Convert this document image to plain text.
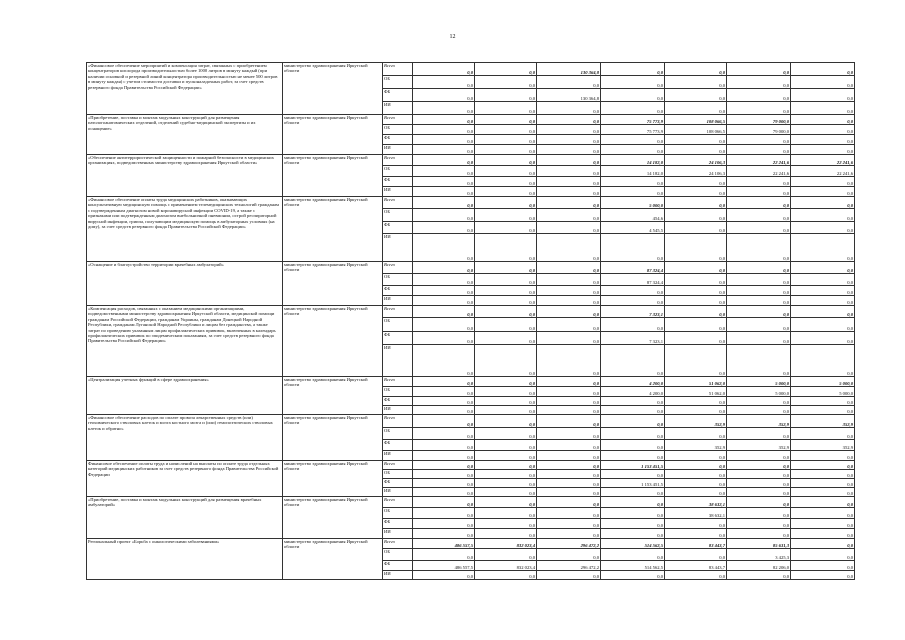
12
«Финансовое обеспечение мероприятий и компенсация затрат, связанных с приобретением концентраторов кислорода производительностью более 1000 литров в минуту каждый (при наличии основной и резервной линий концентратора производительностью не менее 500 литров в минуту каждая) с учетом стоимости доставки и пусконаладочных работ, за счет средств резервного фонда Правительства Российской Федерации»	министерство здравоохранения Иркутской области	Всего	0,0	0,0	130 364,8	0,0	0,0	0,0	0,0
		ОБ	0,0	0,0	0,0	0,0	0,0	0,0	0,0
		ФБ	0,0	0,0	130 364,8	0,0	0,0	0,0	0,0
		ИИ	0,0	0,0	0,0	0,0	0,0	0,0	0,0
«Приобретение, поставка и монтаж модульных конструкций для размещения патологоанатомических отделений, отделений судебно-медицинской экспертизы и их оснащение»	министерство здравоохранения Иркутской области	Всего	0,0	0,0	0,0	75 773,9	108 066,5	79 000,0	0,0
		ОБ	0,0	0,0	0,0	75 773,9	108 066,5	79 000,0	0,0
		ФБ	0,0	0,0	0,0	0,0	0,0	0,0	0,0
		ИИ	0,0	0,0	0,0	0,0	0,0	0,0	0,0
«Обеспечение антитеррористической защищенности и пожарной безопасности в медицинских организациях, подведомственных министерству здравоохранения Иркутской области»	министерство здравоохранения Иркутской области	Всего	0,0	0,0	0,0	14 182,0	24 106,3	22 241,6	22 241,6
		ОБ	0,0	0,0	0,0	14 182,0	24 106,3	22 241,6	22 241,6
		ФБ	0,0	0,0	0,0	0,0	0,0	0,0	0,0
		ИИ	0,0	0,0	0,0	0,0	0,0	0,0	0,0
«Финансовое обеспечение оплаты труда медицинских работников, оказывающих консультативную медицинскую помощь с применением телемедицинских технологий гражданам с подтвержденным диагнозом новой коронавирусной инфекции COVID-19, а также с признаками или подтвержденным диагнозом внебольничной пневмонии, острой респираторной вирусной инфекции, гриппа, получающим медицинскую помощь в амбулаторных условиях (на дому), за счет средств резервного фонда Правительства Российской Федерации»	министерство здравоохранения Иркутской области	Всего	0,0	0,0	0,0	5 000,0	0,0	0,0	0,0
		ОБ	0,0	0,0	0,0	454,6	0,0	0,0	0,0
		ФБ	0,0	0,0	0,0	4 545,5	0,0	0,0	0,0
		ИИ	0,0	0,0	0,0	0,0	0,0	0,0	0,0
«Оснащение и благоустройство территории врачебных амбулаторий»	министерство здравоохранения Иркутской области	Всего	0,0	0,0	0,0	87 324,4	0,0	0,0	0,0
		ОБ	0,0	0,0	0,0	87 324,4	0,0	0,0	0,0
		ФБ	0,0	0,0	0,0	0,0	0,0	0,0	0,0
		ИИ	0,0	0,0	0,0	0,0	0,0	0,0	0,0
«Компенсация расходов, связанных с оказанием медицинскими организациями, подведомственными министерству здравоохранения Иркутской области, медицинской помощи гражданам Российской Федерации, гражданам Украины, гражданам Донецкой Народной Республики, гражданам Луганской Народной Республики и лицам без гражданства, а также затрат по проведению указанным лицам профилактических прививок, включенных в календарь профилактических прививок по эпидемическим показаниям, за счет средств резервного фонда Правительства Российской Федерации»	министерство здравоохранения Иркутской области	Всего	0,0	0,0	0,0	7 323,1	0,0	0,0	0,0
		ОБ	0,0	0,0	0,0	0,0	0,0	0,0	0,0
		ФБ	0,0	0,0	0,0	7 323,1	0,0	0,0	0,0
		ИИ	0,0	0,0	0,0	0,0	0,0	0,0	0,0
«Централизация учетных функций в сфере здравоохранения»	министерство здравоохранения Иркутской области	Всего	0,0	0,0	0,0	4 200,0	51 062,0	5 000,0	5 000,0
		ОБ	0,0	0,0	0,0	4 200,0	51 062,0	5 000,0	5 000,0
		ФБ	0,0	0,0	0,0	0,0	0,0	0,0	0,0
		ИИ	0,0	0,0	0,0	0,0	0,0	0,0	0,0
«Финансовое обеспечение расходов по оплате провоза лекарственных средств (или) геохимического стволовых клеток и мозга костного мозга и (или) гемопоэтических стволовых клеток и обратно»	министерство здравоохранения Иркутской области	Всего	0,0	0,0	0,0	0,0	352,9	352,9	352,9
		ОБ	0,0	0,0	0,0	0,0	0,0	0,0	0,0
		ФБ	0,0	0,0	0,0	0,0	352,9	352,9	352,9
		ИИ	0,0	0,0	0,0	0,0	0,0	0,0	0,0
Финансовое обеспечение оплаты труда и начислений на выплаты по оплате труда отдельных категорий медицинских работников за счет средств резервного фонда Правительства Российской Федерации	министерство здравоохранения Иркутской области	Всего	0,0	0,0	0,0	1 153 451,5	0,0	0,0	0,0
		ОБ	0,0	0,0	0,0	0,0	0,0	0,0	0,0
		ФБ	0,0	0,0	0,0	1 153 451,5	0,0	0,0	0,0
		ИИ	0,0	0,0	0,0	0,0	0,0	0,0	0,0
«Приобретение, поставка и монтаж модульных конструкций для размещения врачебных амбулаторий»	министерство здравоохранения Иркутской области	Всего	0,0	0,0	0,0	0,0	38 632,1	0,0	0,0
		ОБ	0,0	0,0	0,0	0,0	38 632,1	0,0	0,0
		ФБ	0,0	0,0	0,0	0,0	0,0	0,0	0,0
		ИИ	0,0	0,0	0,0	0,0	0,0	0,0	0,0
Региональный проект «Борьба с онкологическими заболеваниями»	министерство здравоохранения Иркутской области	Всего	486 557,5	832 023,4	296 472,2	514 562,5	83 443,7	85 631,3	0,0
		ОБ	0,0	0,0	0,0	0,0	0,0	3 425,3	0,0
		ФБ	486 557,5	832 023,4	296 472,2	514 562,5	83 443,7	82 206,0	0,0
		ИИ	0,0	0,0	0,0	0,0	0,0	0,0	0,0
